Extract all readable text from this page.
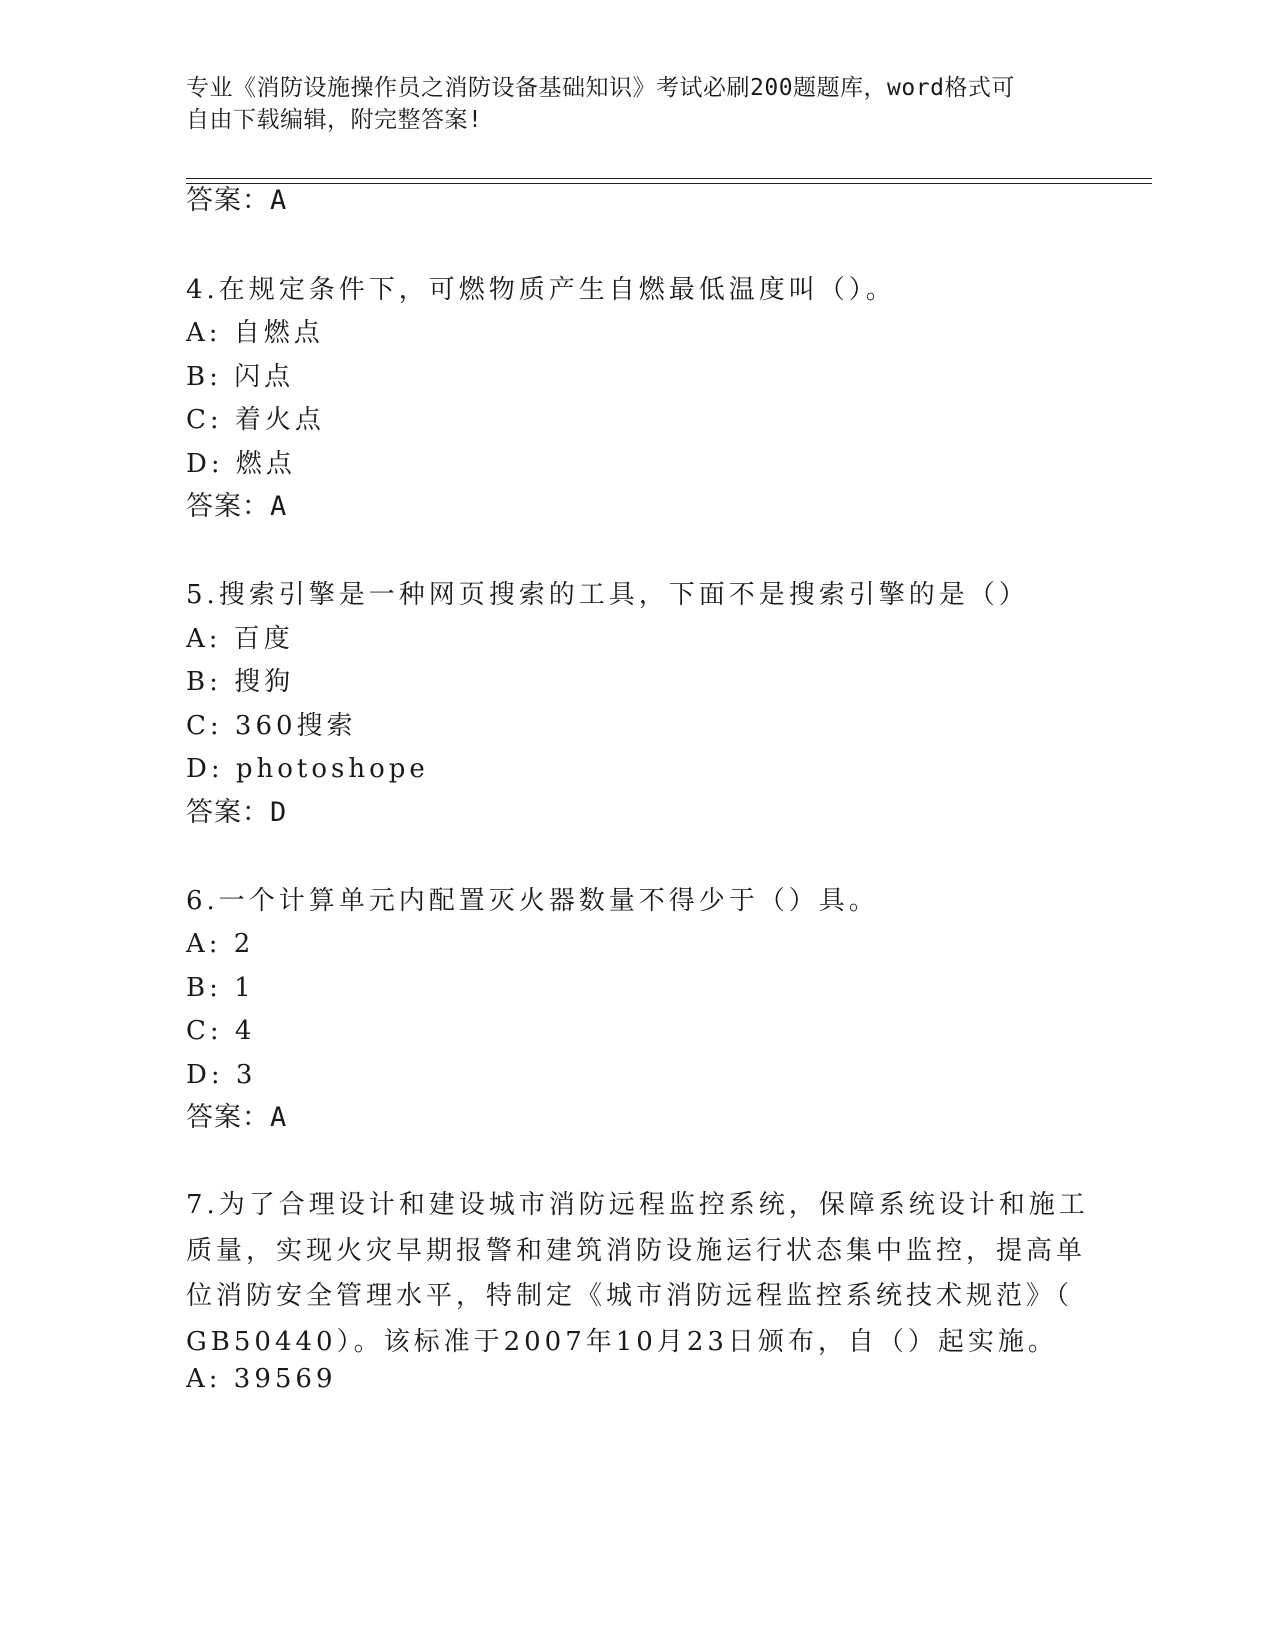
专业《消防设施操作员之消防设备基础知识》考试必刷200题题库，word格式可
自由下载编辑，附完整答案!
答案：A
4.在规定条件下，可燃物质产生自燃最低温度叫（）。
A: 自燃点
B: 闪点
C: 着火点
D: 燃点
答案：A
5.搜索引擎是一种网页搜索的工具，下面不是搜索引擎的是（）
A: 百度
B: 搜狗
C: 360搜索
D: photoshope
答案：D
6.一个计算单元内配置灭火器数量不得少于（）具。
A: 2
B: 1
C: 4
D: 3
答案：A
7.为了合理设计和建设城市消防远程监控系统，保障系统设计和施工
质量，实现火灾早期报警和建筑消防设施运行状态集中监控，提高单
位消防安全管理水平，特制定《城市消防远程监控系统技术规范》（
GB50440）。该标准于2007年10月23日颁布，自（）起实施。
A: 39569
